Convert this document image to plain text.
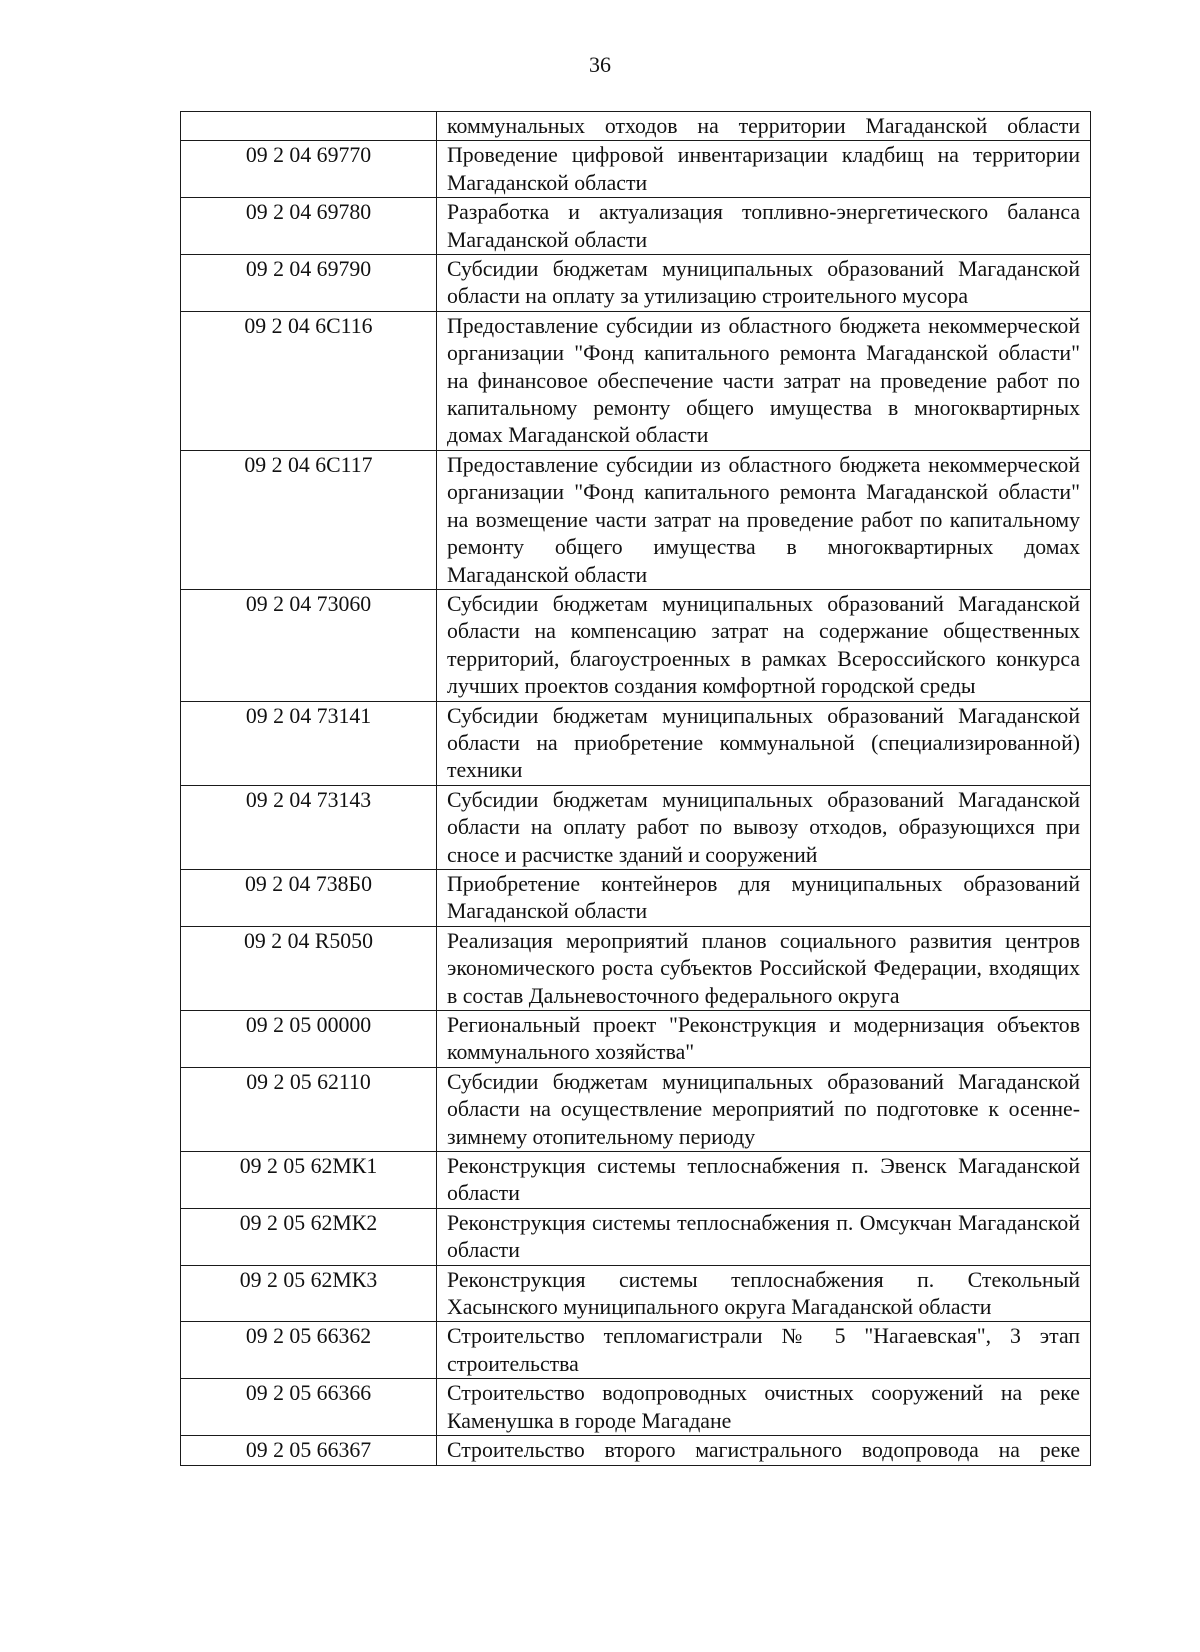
36

	коммунальных отходов на территории Магаданской области

09 2 04 69770	Проведение цифровой инвентаризации кладбищ на территории Магаданской области

09 2 04 69780	Разработка и актуализация топливно-энергетического баланса Магаданской области

09 2 04 69790	Субсидии бюджетам муниципальных образований Магаданской области на оплату за утилизацию строительного мусора

09 2 04 6С116	Предоставление субсидии из областного бюджета некоммерческой организации "Фонд капитального ремонта Магаданской области" на финансовое обеспечение части затрат на проведение работ по капитальному ремонту общего имущества в многоквартирных домах Магаданской области

09 2 04 6С117	Предоставление субсидии из областного бюджета некоммерческой организации "Фонд капитального ремонта Магаданской области" на возмещение части затрат на проведение работ по капитальному ремонту общего имущества в многоквартирных домах Магаданской области

09 2 04 73060	Субсидии бюджетам муниципальных образований Магаданской области на компенсацию затрат на содержание общественных территорий, благоустроенных в рамках Всероссийского конкурса лучших проектов создания комфортной городской среды

09 2 04 73141	Субсидии бюджетам муниципальных образований Магаданской области на приобретение коммунальной (специализированной) техники

09 2 04 73143	Субсидии бюджетам муниципальных образований Магаданской области на оплату работ по вывозу отходов, образующихся при сносе и расчистке зданий и сооружений

09 2 04 738Б0	Приобретение контейнеров для муниципальных образований Магаданской области

09 2 04 R5050	Реализация мероприятий планов социального развития центров экономического роста субъектов Российской Федерации, входящих в состав Дальневосточного федерального округа

09 2 05 00000	Региональный проект "Реконструкция и модернизация объектов коммунального хозяйства"

09 2 05 62110	Субсидии бюджетам муниципальных образований Магаданской области на осуществление мероприятий по подготовке к осенне-зимнему отопительному периоду

09 2 05 62МК1	Реконструкция системы теплоснабжения п. Эвенск Магаданской области

09 2 05 62МК2	Реконструкция системы теплоснабжения п. Омсукчан Магаданской области

09 2 05 62МК3	Реконструкция системы теплоснабжения п. Стекольный Хасынского муниципального округа Магаданской области

09 2 05 66362	Строительство тепломагистрали № 5 "Нагаевская", 3 этап строительства

09 2 05 66366	Строительство водопроводных очистных сооружений на реке Каменушка в городе Магадане

09 2 05 66367	Строительство второго магистрального водопровода на реке
